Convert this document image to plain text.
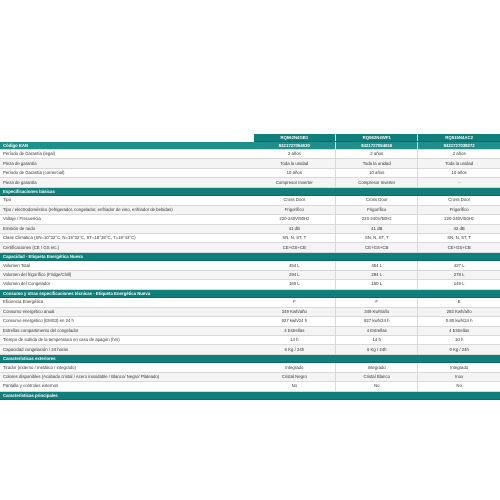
	RQ562N4GB1	RQ562N4WF1	RQ515N4AC2
Código EAN	8421727054630	8421727054616	8421727038272
Período de Garantía (legal)	2 años	2 años	2 años
Pieza de garantía	Toda la unidad	Toda la unidad	Toda la unidad
Período de Garantía (comercial)	10 años	10 años	10 años
Pieza de garantía	Compresor Inverter	Compresor Inverter	-
Especificaciones básicas			
Tipo	Cross Door	Cross Door	Cross Door
Tipo / electrodoméstico (refrigerador, congelador, enfriador de vino, enfriador de bebidas)	Frigorífico	Frigorífico	Frigorífico
Voltaje / Frecuencia	220-240V/50Hz	220-240V/50Hz	220-240V/50Hz
Emisión de ruido	41 dB	41 dB	42 dB
Clase Climática (SN=10°32°C, N=16°32°C, ST=18°38°C, T=18°43°C)	SN, N, ST, T	SN, N, ST, T	SN, N, ST, T
Certificaciones (CE / GS etc.)	CE+GS+CB	CE+GS+CB	CE+GS+CB
Capacidad - Etiqueta Energética Nueva			
Volumen Total	454 L	454 L	427 L
Volumen del frigorífico (Fridge/Chill)	294 L	294 L	278 L
Volumen del Congelador	160 L	160 L	149 L
Consumo y otras especificaciones técnicas - Etiqueta Energética Nueva			
Eficiencia Energética	F	F	E
Consumo energético anual	349 Kwh/año	349 Kwh/año	293 Kwh/año
Consumo energético (EMS3) en 24 h	927 kwh/24 h	927 kwh/24 h	0.80 kwh/24 h
Estrellas compartimento del congelador	4 Estrellas	4 Estrellas	4 Estrellas
Tiempo de subida de la temperatura en caso de apagón (hrs)	14 h	14 h	10 h
Capacidad congelación / 24 horas	6 Kg / 24h	6 Kg / 24h	9 Kg / 24h
Características exteriores			
Tirador (externo / metálico / integrado)	Integrado	Integrado	Integrado
Colores disponibles (Acabado cristal / Acero inoxidable / Blanco/ Negro/ Plateado)	Cristal Negro	Cristal Blanco	Inox
Pantalla y controles externos	No	No	No
Características principales			
